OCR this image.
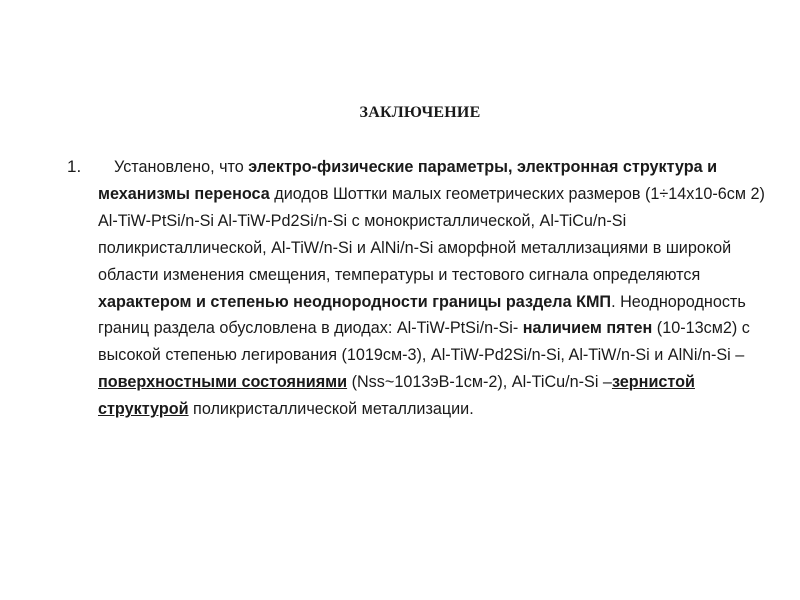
ЗАКЛЮЧЕНИЕ
1.	Установлено, что электро-физические параметры, электронная структура и механизмы переноса диодов Шоттки малых геометрических размеров (1÷14х10-6см 2) Al-TiW-PtSi/n-Si Al-TiW-Pd2Si/n-Si с монокристаллической, Al-TiCu/n-Si поликристаллической, Al-TiW/n-Si и AlNi/n-Si аморфной металлизациями в широкой области изменения смещения, температуры и тестового сигнала определяются характером и степенью неоднородности границы раздела КМП. Неоднородность границ раздела обусловлена в диодах: Al-TiW-PtSi/n-Si- наличием пятен (10-13см2) с высокой степенью легирования (1019см-3), Al-TiW-Pd2Si/n-Si, Al-TiW/n-Si и AlNi/n-Si – поверхностными состояниями (Nss~1013эВ-1см-2), Al-TiCu/n-Si –зернистой структурой поликристаллической металлизации.
